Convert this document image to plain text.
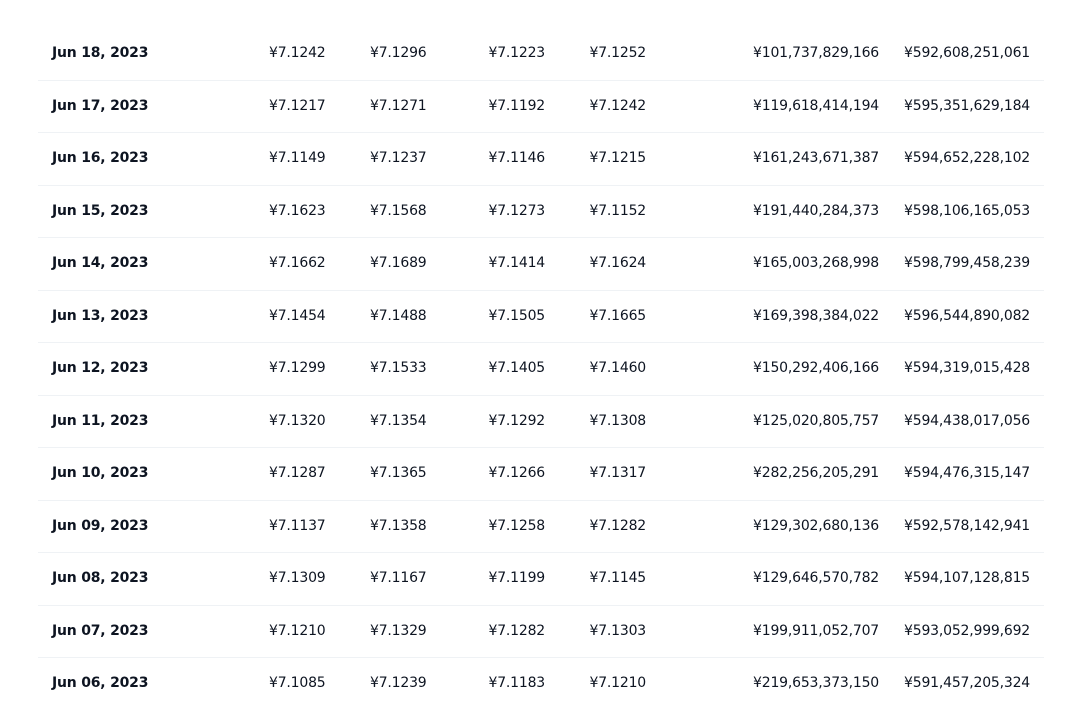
Jun 18, 2023	¥7.1242	¥7.1296	¥7.1223	¥7.1252	¥101,737,829,166 ¥592,608,251,061
Jun 17, 2023	¥7.1217	¥7.1271	¥7.1192	¥7.1242	¥119,618,414,194 ¥595,351,629,184
Jun 16, 2023	¥7.1149	¥7.1237	¥7.1146	¥7.1215	¥161,243,671,387 ¥594,652,228,102
Jun 15, 2023	¥7.1623	¥7.1568	¥7.1273	¥7.1152	¥191,440,284,373 ¥598,106,165,053
Jun 14, 2023	¥7.1662	¥7.1689	¥7.1414	¥7.1624	¥165,003,268,998 ¥598,799,458,239
Jun 13, 2023	¥7.1454	¥7.1488	¥7.1505	¥7.1665	¥169,398,384,022 ¥596,544,890,082
Jun 12, 2023	¥7.1299	¥7.1533	¥7.1405	¥7.1460	¥150,292,406,166 ¥594,319,015,428
Jun 11, 2023	¥7.1320	¥7.1354	¥7.1292	¥7.1308	¥125,020,805,757 ¥594,438,017,056
Jun 10, 2023	¥7.1287	¥7.1365	¥7.1266	¥7.1317	¥282,256,205,291 ¥594,476,315,147
Jun 09, 2023	¥7.1137	¥7.1358	¥7.1258	¥7.1282	¥129,302,680,136 ¥592,578,142,941
Jun 08, 2023	¥7.1309	¥7.1167	¥7.1199	¥7.1145	¥129,646,570,782 ¥594,107,128,815
Jun 07, 2023	¥7.1210	¥7.1329	¥7.1282	¥7.1303	¥199,911,052,707 ¥593,052,999,692
Jun 06, 2023	¥7.1085	¥7.1239	¥7.1183	¥7.1210	¥219,653,373,150 ¥591,457,205,324
